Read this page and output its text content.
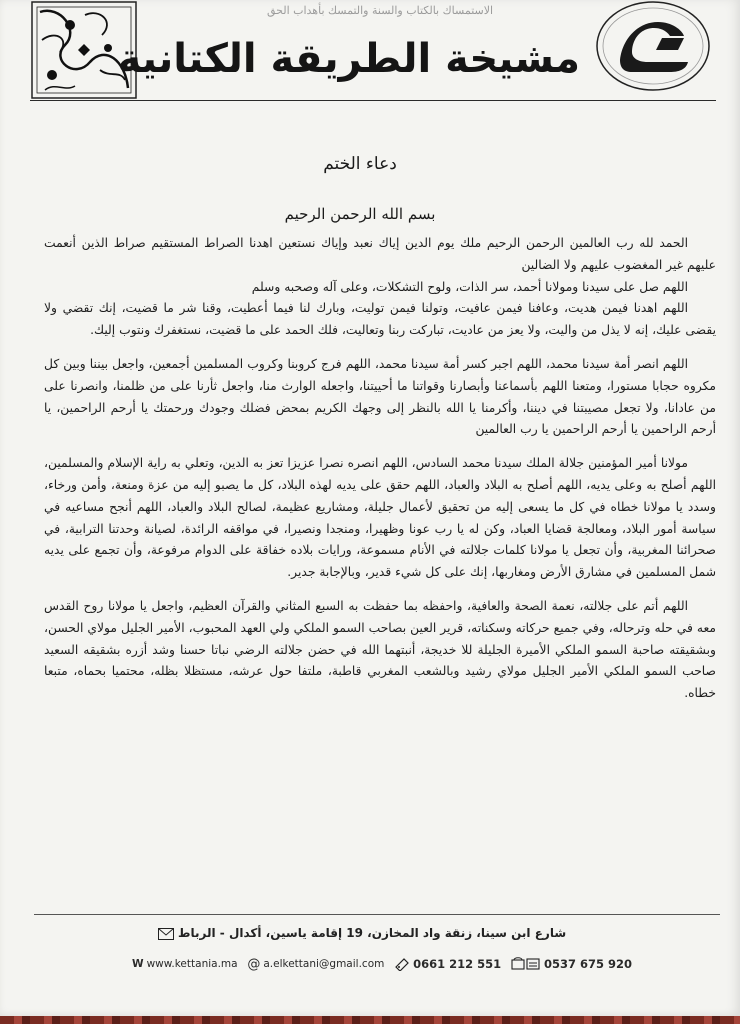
الاستمساك بالكتاب والسنة والتمسك بأهداب الحق
مشيخة الطريقة الكتانية
دعاء الختم
بسم الله الرحمن الرحيم

الحمد لله رب العالمين الرحمن الرحيم ملك يوم الدين إياك نعبد وإياك نستعين اهدنا الصراط المستقيم صراط الذين أنعمت عليهم غير المغضوب عليهم ولا الضالين

اللهم صل على سيدنا ومولانا أحمد، سر الذات، ولوح التشكلات، وعلى آله وصحبه وسلم

اللهم اهدنا فيمن هديت، وعافنا فيمن عافيت، وتولنا فيمن توليت، وبارك لنا فيما أعطيت، وقنا شر ما قضيت، إنك تقضي ولا يقضى عليك، إنه لا يذل من واليت، ولا يعز من عاديت، تباركت ربنا وتعاليت، فلك الحمد على ما قضيت، نستغفرك ونتوب إليك.

اللهم انصر أمة سيدنا محمد، اللهم اجبر كسر أمة سيدنا محمد، اللهم فرج كروبنا وكروب المسلمين أجمعين، واجعل بيننا وبين كل مكروه حجابا مستورا، ومتعنا اللهم بأسماعنا وأبصارنا وقواتنا ما أحييتنا، واجعله الوارث منا، واجعل ثأرنا على من ظلمنا، وانصرنا على من عادانا، ولا تجعل مصيبتنا في ديننا، وأكرمنا يا الله بالنظر إلى وجهك الكريم بمحض فضلك وجودك ورحمتك يا أرحم الراحمين، يا أرحم الراحمين يا أرحم الراحمين يا رب العالمين

مولانا أمير المؤمنين جلالة الملك سيدنا محمد السادس، اللهم انصره نصرا عزيزا تعز به الدين، وتعلي به راية الإسلام والمسلمين، اللهم أصلح به وعلى يديه، اللهم أصلح به البلاد والعباد، اللهم حقق على يديه لهذه البلاد، كل ما يصبو إليه من عزة ومنعة، وأمن ورخاء، وسدد يا مولانا خطاه في كل ما يسعى إليه من تحقيق لأعمال جليلة، ومشاريع عظيمة، لصالح البلاد والعباد، اللهم أنجح مساعيه في سياسة أمور البلاد، ومعالجة قضايا العباد، وكن له يا رب عونا وظهيرا، ومنجدا ونصيرا، في مواقفه الرائدة، لصيانة وحدتنا الترابية، في صحرائنا المغربية، وأن تجعل يا مولانا كلمات جلالته في الأنام مسموعة، ورايات بلاده خفاقة على الدوام مرفوعة، وأن تجمع على يديه شمل المسلمين في مشارق الأرض ومغاربها، إنك على كل شيء قدير، وبالإجابة جدير.

اللهم أتم على جلالته، نعمة الصحة والعافية، واحفظه بما حفظت به السبع المثاني والقرآن العظيم، واجعل يا مولانا روح القدس معه في حله وترحاله، وفي جميع حركاته وسكناته، قرير العين بصاحب السمو الملكي ولي العهد المحبوب، الأمير الجليل مولاي الحسن، وبشقيقته صاحبة السمو الملكي الأميرة الجليلة للا خديجة، أنبتهما الله في حضن جلالته الرضي نباتا حسنا وشد أزره بشقيقه السعيد صاحب السمو الملكي الأمير الجليل مولاي رشيد وبالشعب المغربي قاطبة، ملتفا حول عرشه، مستظلا بظله، محتميا بحماه، متبعا خطاه.

شارع ابن سينا، زنقة واد المخازن، 19 إقامة ياسين، أكدال - الرباط
W www.kettania.ma @ a.elkettani@gmail.com	0661 212 551	0537 675 920
